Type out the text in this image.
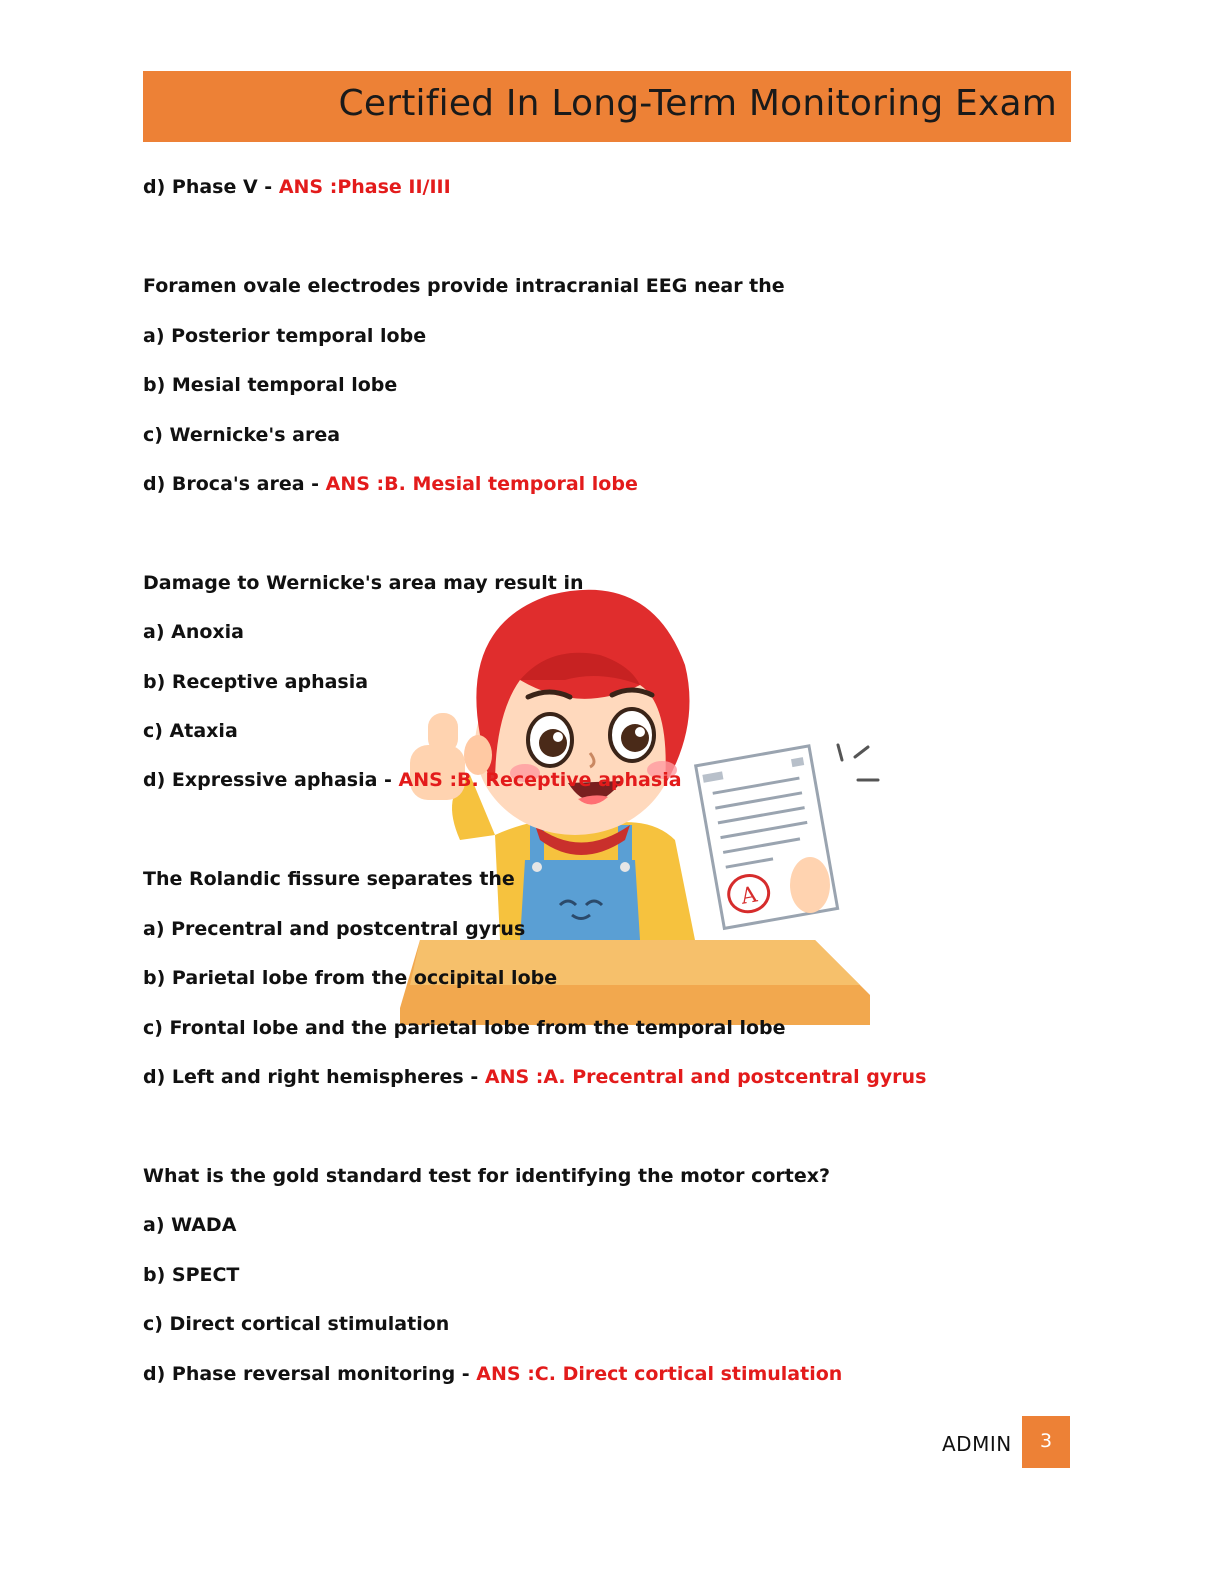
Certified In Long-Term Monitoring Exam
A
d) Phase V - ANS :Phase II/III
Foramen ovale electrodes provide intracranial EEG near the
a) Posterior temporal lobe
b) Mesial temporal lobe
c) Wernicke's area
d) Broca's area - ANS :B. Mesial temporal lobe
Damage to Wernicke's area may result in
a) Anoxia
b) Receptive aphasia
c) Ataxia
d) Expressive aphasia - ANS :B. Receptive aphasia
The Rolandic fissure separates the
a) Precentral and postcentral gyrus
b) Parietal lobe from the occipital lobe
c) Frontal lobe and the parietal lobe from the temporal lobe
d) Left and right hemispheres - ANS :A. Precentral and postcentral gyrus
What is the gold standard test for identifying the motor cortex?
a) WADA
b) SPECT
c) Direct cortical stimulation
d) Phase reversal monitoring - ANS :C. Direct cortical stimulation
ADMIN	3
